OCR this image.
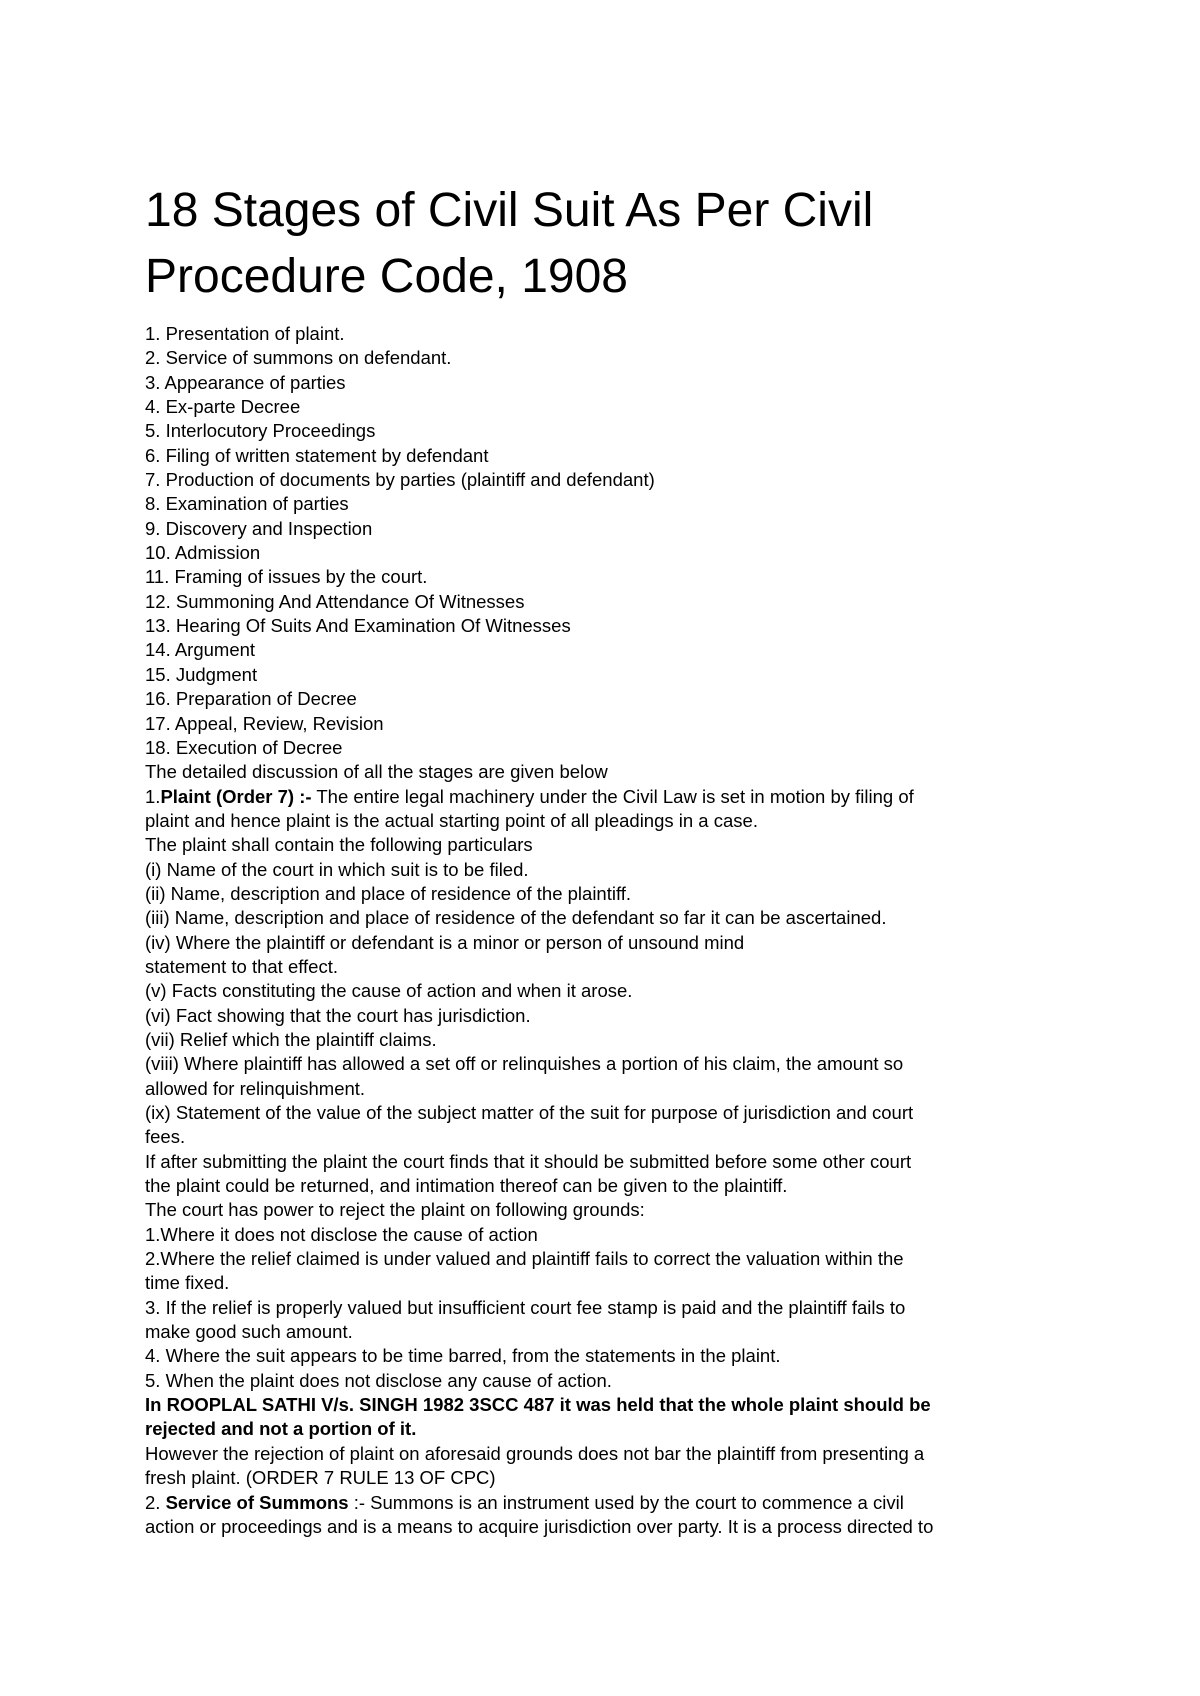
18 Stages of Civil Suit As Per Civil Procedure Code, 1908

1. Presentation of plaint.

2. Service of summons on defendant.

3. Appearance of parties

4. Ex-parte Decree

5. Interlocutory Proceedings

6. Filing of written statement by defendant

7. Production of documents by parties (plaintiff and defendant)

8. Examination of parties

9. Discovery and Inspection

10. Admission

11. Framing of issues by the court.

12. Summoning And Attendance Of Witnesses

13. Hearing Of Suits And Examination Of Witnesses

14. Argument

15. Judgment

16. Preparation of Decree

17. Appeal, Review, Revision

18. Execution of Decree

The detailed discussion of all the stages are given below

1.Plaint (Order 7) :- The entire legal machinery under the Civil Law is set in motion by filing of

plaint and hence plaint is the actual starting point of all pleadings in a case.

The plaint shall contain the following particulars

(i) Name of the court in which suit is to be filed.

(ii) Name, description and place of residence of the plaintiff.

(iii) Name, description and place of residence of the defendant so far it can be ascertained.

(iv) Where the plaintiff or defendant is a minor or person of unsound mind

statement to that effect.

(v) Facts constituting the cause of action and when it arose.

(vi) Fact showing that the court has jurisdiction.

(vii) Relief which the plaintiff claims.

(viii) Where plaintiff has allowed a set off or relinquishes a portion of his claim, the amount so

allowed for relinquishment.

(ix) Statement of the value of the subject matter of the suit for purpose of jurisdiction and court

fees.

If after submitting the plaint the court finds that it should be submitted before some other court

the plaint could be returned, and intimation thereof can be given to the plaintiff.

The court has power to reject the plaint on following grounds:

1.Where it does not disclose the cause of action

2.Where the relief claimed is under valued and plaintiff fails to correct the valuation within the

time fixed.

3. If the relief is properly valued but insufficient court fee stamp is paid and the plaintiff fails to

make good such amount.

4. Where the suit appears to be time barred, from the statements in the plaint.

5. When the plaint does not disclose any cause of action.

In ROOPLAL SATHI V/s. SINGH 1982 3SCC 487 it was held that the whole plaint should be

rejected and not a portion of it.

However the rejection of plaint on aforesaid grounds does not bar the plaintiff from presenting a

fresh plaint. (ORDER 7 RULE 13 OF CPC)

2. Service of Summons :- Summons is an instrument used by the court to commence a civil

action or proceedings and is a means to acquire jurisdiction over party. It is a process directed to
